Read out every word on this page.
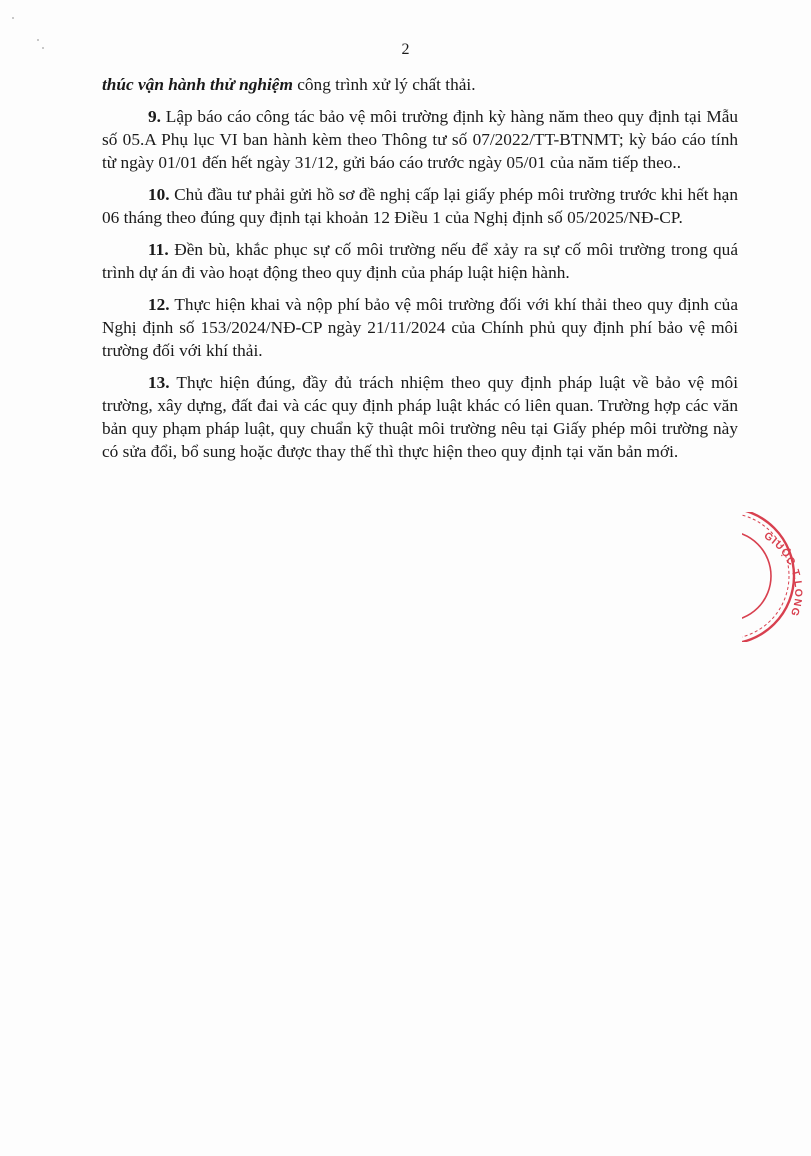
2

thúc vận hành thử nghiệm công trình xử lý chất thải.

9. Lập báo cáo công tác bảo vệ môi trường định kỳ hàng năm theo quy định tại Mẫu số 05.A Phụ lục VI ban hành kèm theo Thông tư số 07/2022/TT-BTNMT; kỳ báo cáo tính từ ngày 01/01 đến hết ngày 31/12, gửi báo cáo trước ngày 05/01 của năm tiếp theo..

10. Chủ đầu tư phải gửi hồ sơ đề nghị cấp lại giấy phép môi trường trước khi hết hạn 06 tháng theo đúng quy định tại khoản 12 Điều 1 của Nghị định số 05/2025/NĐ-CP.

11. Đền bù, khắc phục sự cố môi trường nếu để xảy ra sự cố môi trường trong quá trình dự án đi vào hoạt động theo quy định của pháp luật hiện hành.

12. Thực hiện khai và nộp phí bảo vệ môi trường đối với khí thải theo quy định của Nghị định số 153/2024/NĐ-CP ngày 21/11/2024 của Chính phủ quy định phí bảo vệ môi trường đối với khí thải.

13. Thực hiện đúng, đầy đủ trách nhiệm theo quy định pháp luật về bảo vệ môi trường, xây dựng, đất đai và các quy định pháp luật khác có liên quan. Trường hợp các văn bản quy phạm pháp luật, quy chuẩn kỹ thuật môi trường nêu tại Giấy phép môi trường này có sửa đổi, bổ sung hoặc được thay thế thì thực hiện theo quy định tại văn bản mới.

GIUỘC T.LONG
